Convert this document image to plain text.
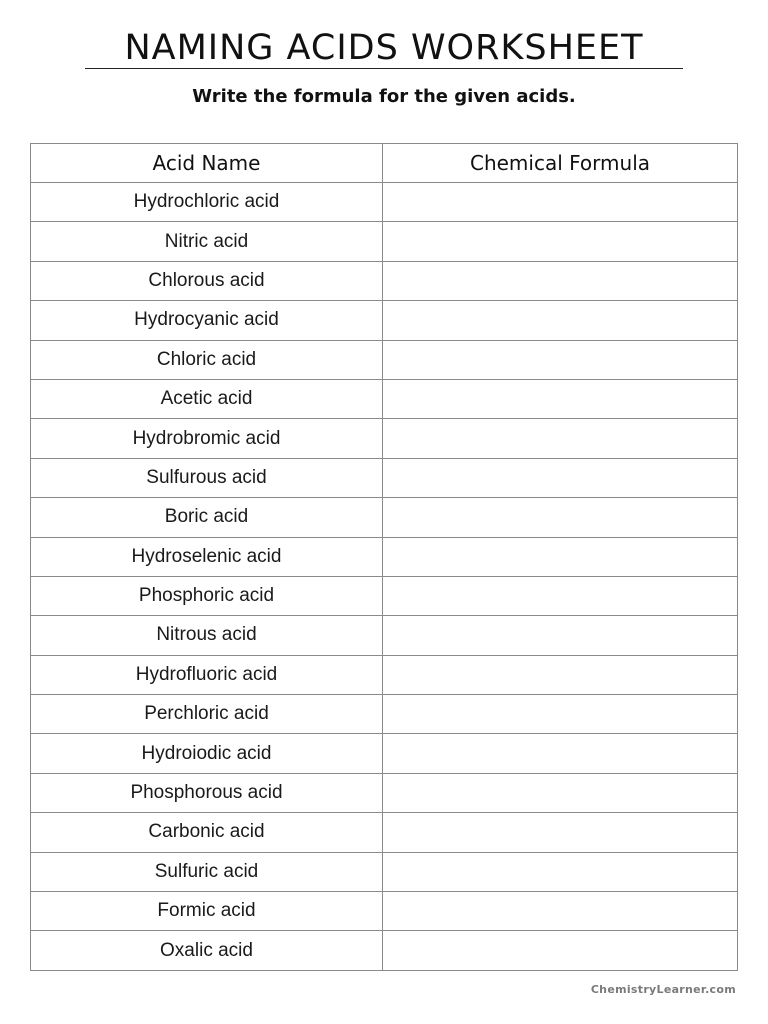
NAMING ACIDS WORKSHEET
Write the formula for the given acids.
Acid Name	Chemical Formula
Hydrochloric acid	
Nitric acid	
Chlorous acid	
Hydrocyanic acid	
Chloric acid	
Acetic acid	
Hydrobromic acid	
Sulfurous acid	
Boric acid	
Hydroselenic acid	
Phosphoric acid	
Nitrous acid	
Hydrofluoric acid	
Perchloric acid	
Hydroiodic acid	
Phosphorous acid	
Carbonic acid	
Sulfuric acid	
Formic acid	
Oxalic acid	
ChemistryLearner.com
